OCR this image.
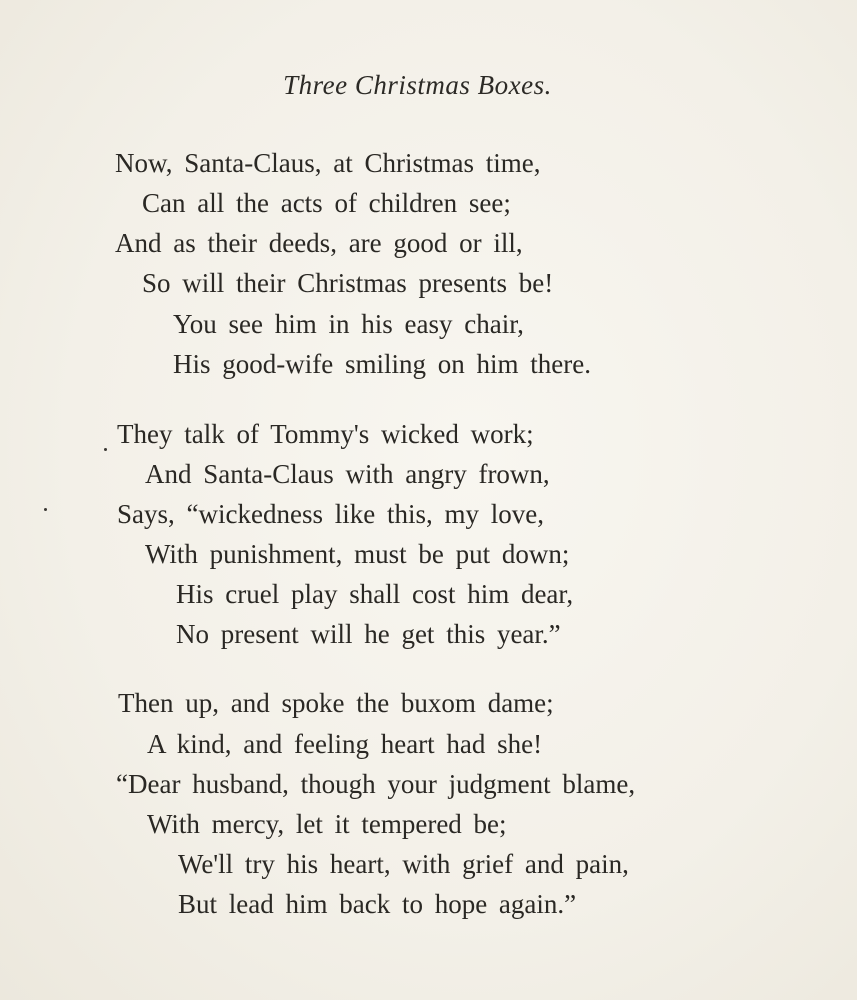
Three Christmas Boxes.
Now, Santa-Claus, at Christmas time,
Can all the acts of children see;
And as their deeds, are good or ill,
So will their Christmas presents be!
You see him in his easy chair,
His good-wife smiling on him there.
They talk of Tommy's wicked work;
And Santa-Claus with angry frown,
Says, “wickedness like this, my love,
With punishment, must be put down;
His cruel play shall cost him dear,
No present will he get this year.”
Then up, and spoke the buxom dame;
A kind, and feeling heart had she!
“Dear husband, though your judgment blame,
With mercy, let it tempered be;
We'll try his heart, with grief and pain,
But lead him back to hope again.”
